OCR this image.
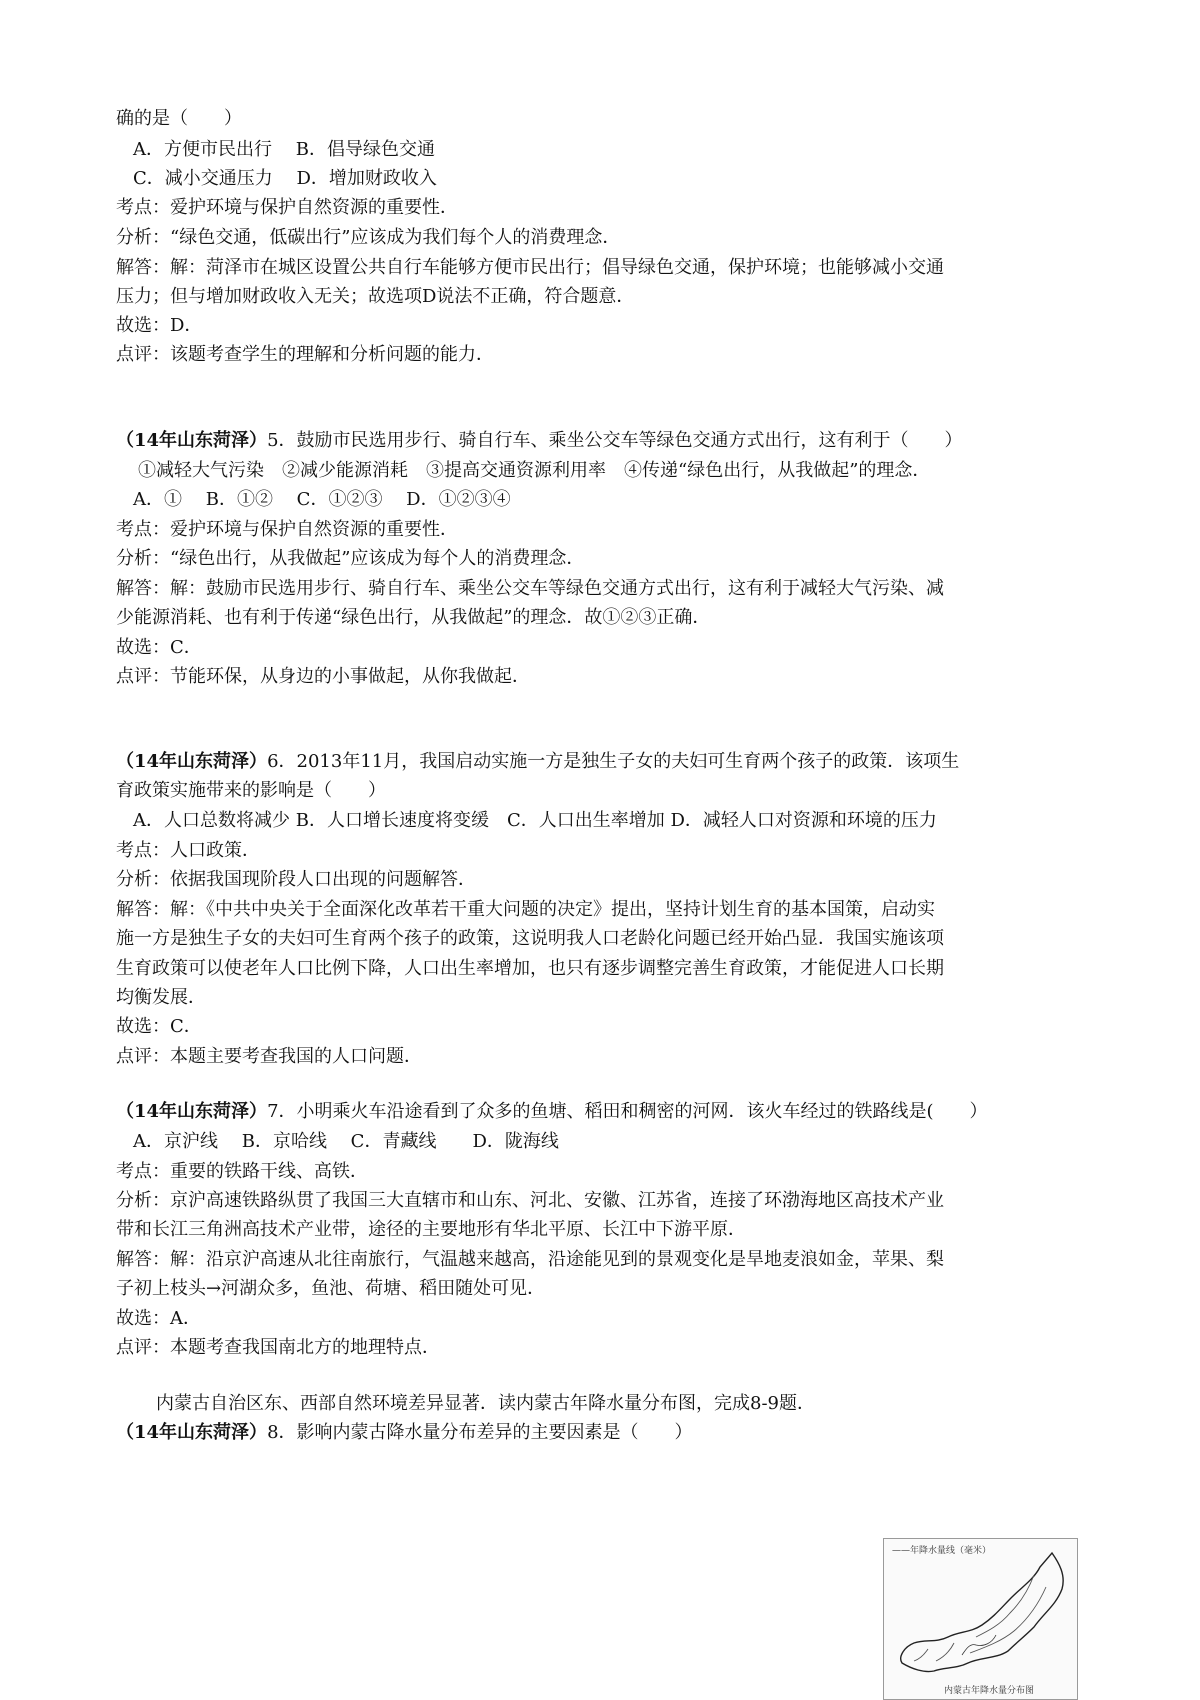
确的是（　　）
A．方便市民出行　 B．倡导绿色交通
C．减小交通压力　 D．增加财政收入
考点：爱护环境与保护自然资源的重要性．
分析：“绿色交通，低碳出行”应该成为我们每个人的消费理念．
解答：解：菏泽市在城区设置公共自行车能够方便市民出行；倡导绿色交通，保护环境；也能够减小交通
压力；但与增加财政收入无关；故选项D说法不正确，符合题意．
故选：D．
点评：该题考查学生的理解和分析问题的能力．
（14年山东菏泽）5．鼓励市民选用步行、骑自行车、乘坐公交车等绿色交通方式出行，这有利于（　　）
①减轻大气污染　②减少能源消耗　③提高交通资源利用率　④传递“绿色出行，从我做起”的理念．
A．①　 B．①②　 C．①②③　 D．①②③④
考点：爱护环境与保护自然资源的重要性．
分析：“绿色出行，从我做起”应该成为每个人的消费理念．
解答：解：鼓励市民选用步行、骑自行车、乘坐公交车等绿色交通方式出行，这有利于减轻大气污染、减
少能源消耗、也有利于传递“绿色出行，从我做起”的理念．故①②③正确．
故选：C．
点评：节能环保，从身边的小事做起，从你我做起．
（14年山东菏泽）6．2013年11月，我国启动实施一方是独生子女的夫妇可生育两个孩子的政策．该项生
育政策实施带来的影响是（　　）
A．人口总数将减少 B．人口增长速度将变缓　C．人口出生率增加 D．减轻人口对资源和环境的压力
考点：人口政策．
分析：依据我国现阶段人口出现的问题解答．
解答：解：《中共中央关于全面深化改革若干重大问题的决定》提出，坚持计划生育的基本国策，启动实
施一方是独生子女的夫妇可生育两个孩子的政策，这说明我人口老龄化问题已经开始凸显．我国实施该项
生育政策可以使老年人口比例下降，人口出生率增加，也只有逐步调整完善生育政策，才能促进人口长期
均衡发展．
故选：C．
点评：本题主要考查我国的人口问题．
（14年山东菏泽）7．小明乘火车沿途看到了众多的鱼塘、稻田和稠密的河网．该火车经过的铁路线是(　　）
A．京沪线　 B．京哈线　 C．青藏线　　D．陇海线
考点：重要的铁路干线、高铁．
分析：京沪高速铁路纵贯了我国三大直辖市和山东、河北、安徽、江苏省，连接了环渤海地区高技术产业
带和长江三角洲高技术产业带，途径的主要地形有华北平原、长江中下游平原．
解答：解：沿京沪高速从北往南旅行，气温越来越高，沿途能见到的景观变化是旱地麦浪如金，苹果、梨
子初上枝头→河湖众多，鱼池、荷塘、稻田随处可见．
故选：A．
点评：本题考查我国南北方的地理特点．
内蒙古自治区东、西部自然环境差异显著．读内蒙古年降水量分布图，完成8-9题．
（14年山东菏泽）8．影响内蒙古降水量分布差异的主要因素是（　　）
——年降水量线（毫米）
内蒙古年降水量分布图
